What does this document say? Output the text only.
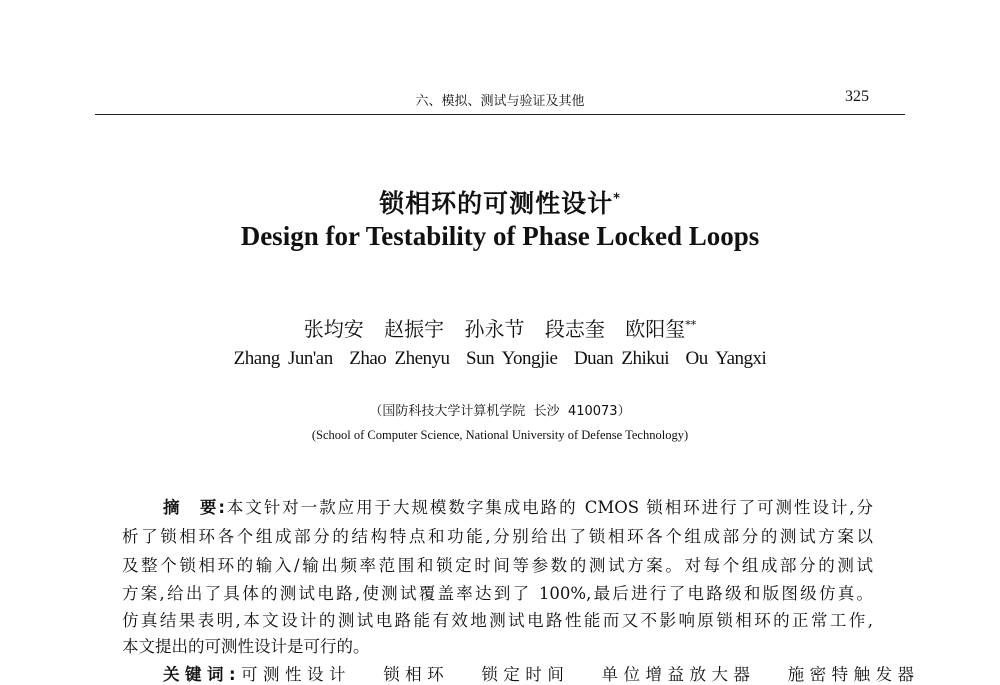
六、模拟、测试与验证及其他	325
锁相环的可测性设计*
Design for Testability of Phase Locked Loops
张均安 赵振宇 孙永节 段志奎 欧阳玺**
Zhang Jun'an  Zhao Zhenyu  Sun Yongjie  Duan Zhikui  Ou Yangxi
（国防科技大学计算机学院  长沙  410073）
(School of Computer Science, National University of Defense Technology)
摘　要:本文针对一款应用于大规模数字集成电路的 CMOS 锁相环进行了可测性设计,分
析了锁相环各个组成部分的结构特点和功能,分别给出了锁相环各个组成部分的测试方案以
及整个锁相环的输入/输出频率范围和锁定时间等参数的测试方案。对每个组成部分的测试
方案,给出了具体的测试电路,使测试覆盖率达到了 100%,最后进行了电路级和版图级仿真。
仿真结果表明,本文设计的测试电路能有效地测试电路性能而又不影响原锁相环的正常工作,
本文提出的可测性设计是可行的。
关键词:可测性设计 锁相环 锁定时间 单位增益放大器 施密特触发器
